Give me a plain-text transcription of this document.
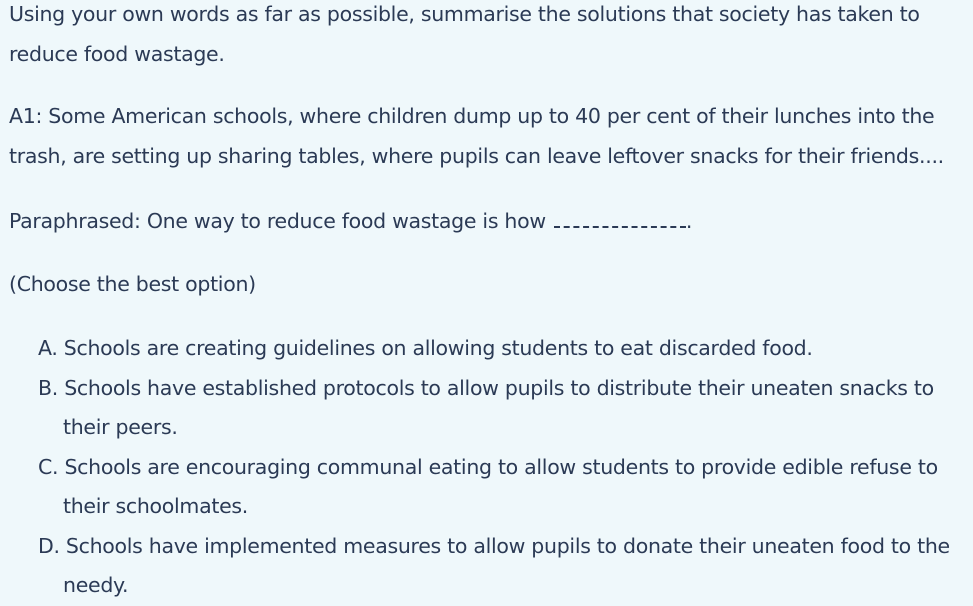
Using your own words as far as possible, summarise the solutions that society has taken to
reduce food wastage.

A1: Some American schools, where children dump up to 40 per cent of their lunches into the
trash, are setting up sharing tables, where pupils can leave leftover snacks for their friends....

Paraphrased: One way to reduce food wastage is how	.

(Choose the best option)

A. Schools are creating guidelines on allowing students to eat discarded food.
B. Schools have established protocols to allow pupils to distribute their uneaten snacks to
their peers.
C. Schools are encouraging communal eating to allow students to provide edible refuse to
their schoolmates.
D. Schools have implemented measures to allow pupils to donate their uneaten food to the
needy.
